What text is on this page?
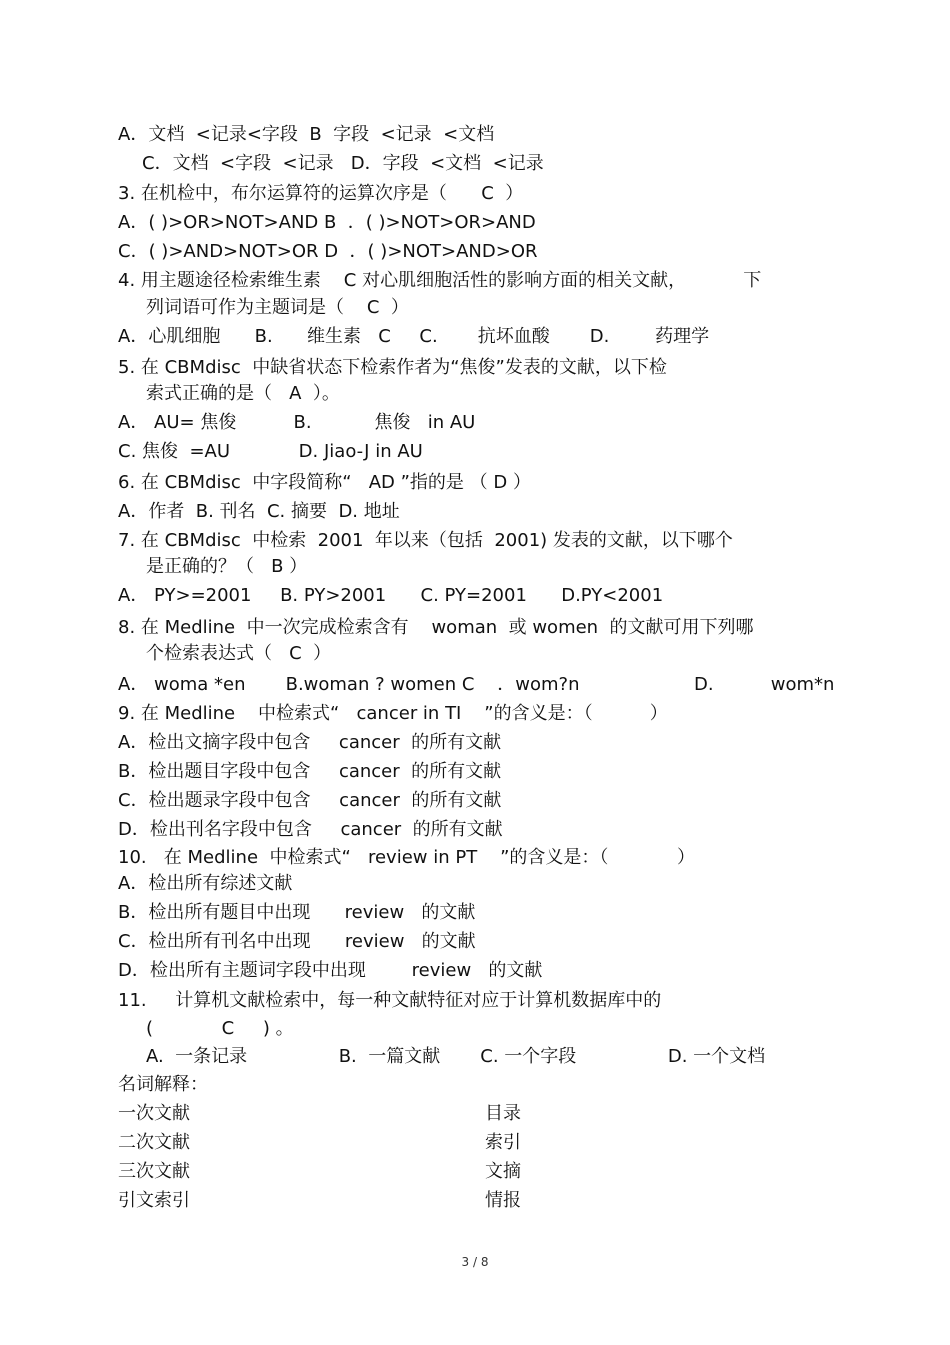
A．文档  <记录<字段  B  字段  <记录  <文档
C．文档  <字段  <记录   D．字段  <文档  <记录
3. 在机检中，布尔运算符的运算次序是（      C  ）
A．( )>OR>NOT>AND B  ．( )>NOT>OR>AND
C．( )>AND>NOT>OR D  ．( )>NOT>AND>OR
4. 用主题途径检索维生素    C 对心肌细胞活性的影响方面的相关文献，          下
列词语可作为主题词是（    C  ）
A．心肌细胞      B.      维生素   C     C.       抗坏血酸       D.        药理学
5. 在 CBMdisc  中缺省状态下检索作者为“焦俊”发表的文献，以下检
索式正确的是（   A  ）。
A． AU= 焦俊          B.           焦俊   in AU
C. 焦俊  =AU            D. Jiao-J in AU
6. 在 CBMdisc  中字段简称“   AD ”指的是 （ D ）
A．作者  B. 刊名  C. 摘要  D. 地址
7. 在 CBMdisc  中检索  2001  年以来（包括  2001) 发表的文献，以下哪个
是正确的？（   B ）
A． PY>=2001     B. PY>2001      C. PY=2001      D.PY<2001
8. 在 Medline  中一次完成检索含有    woman  或 women  的文献可用下列哪
个检索表达式（   C  ）
A． woma *en       B.woman ? women C    ．wom?n                    D.          wom*n
9. 在 Medline    中检索式“   cancer in TI    ”的含义是：（          ）
A．检出文摘字段中包含     cancer  的所有文献
B．检出题目字段中包含     cancer  的所有文献
C．检出题录字段中包含     cancer  的所有文献
D．检出刊名字段中包含     cancer  的所有文献
10.   在 Medline  中检索式“   review in PT    ”的含义是：（            ）
A．检出所有综述文献
B．检出所有题目中出现      review   的文献
C．检出所有刊名中出现      review   的文献
D．检出所有主题词字段中出现        review   的文献
11.     计算机文献检索中，每一种文献特征对应于计算机数据库中的
(            C     ) 。
A.  一条记录                B.  一篇文献       C. 一个字段                D. 一个文档
名词解释：
一次文献
二次文献
三次文献
引文索引
目录
索引
文摘
情报
3 / 8
